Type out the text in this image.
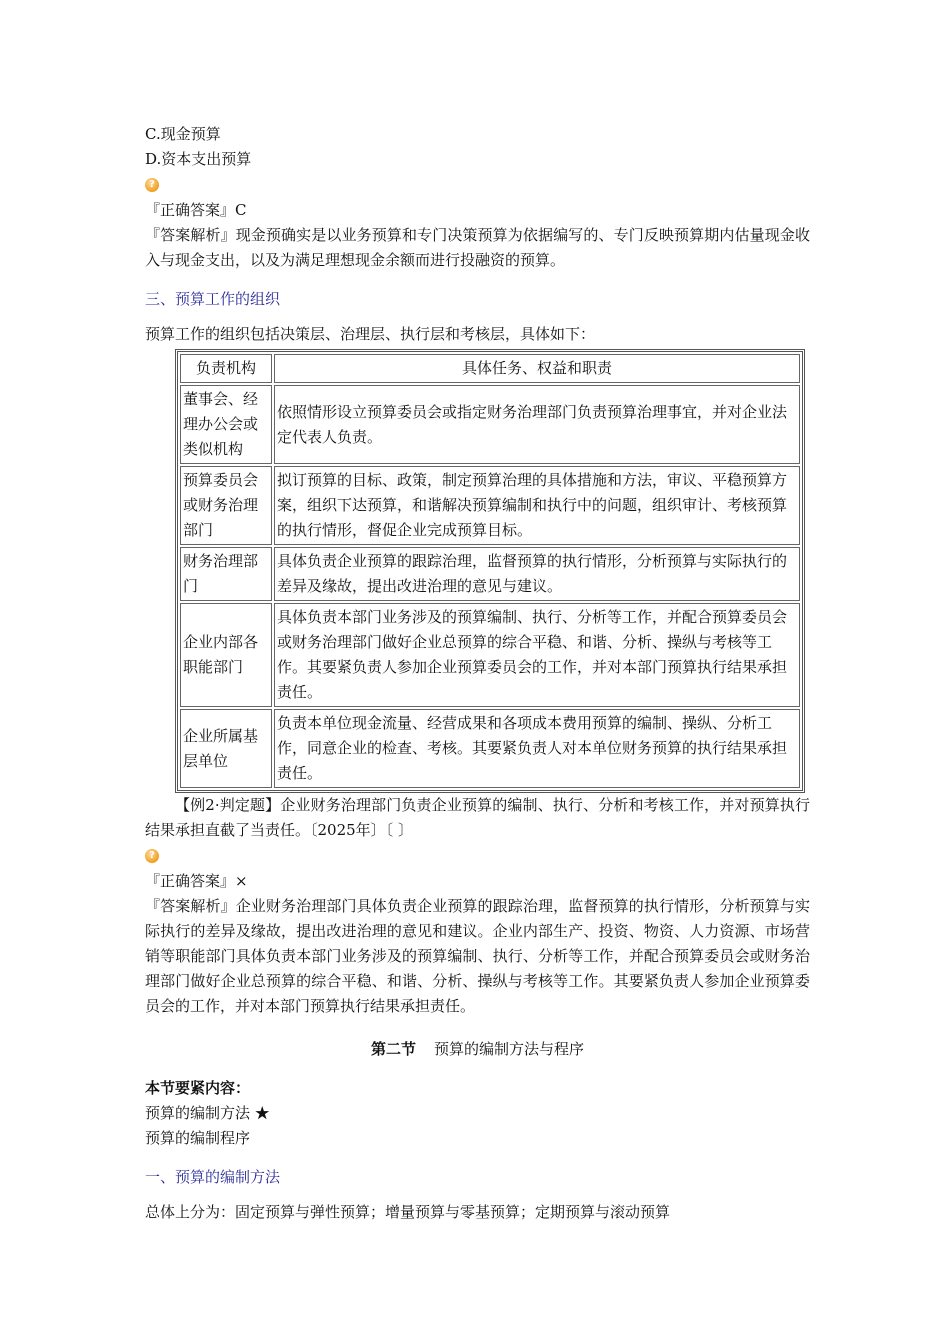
C.现金预算

D.资本支出预算

?

『正确答案』C

『答案解析』现金预确实是以业务预算和专门决策预算为依据编写的、专门反映预算期内估量现金收入与现金支出，以及为满足理想现金余额而进行投融资的预算。

三、预算工作的组织

预算工作的组织包括决策层、治理层、执行层和考核层，具体如下：

负责机构	具体任务、权益和职责
董事会、经理办公会或类似机构	依照情形设立预算委员会或指定财务治理部门负责预算治理事宜，并对企业法定代表人负责。
预算委员会或财务治理部门	拟订预算的目标、政策，制定预算治理的具体措施和方法，审议、平稳预算方案，组织下达预算，和谐解决预算编制和执行中的问题，组织审计、考核预算的执行情形，督促企业完成预算目标。
财务治理部门	具体负责企业预算的跟踪治理，监督预算的执行情形，分析预算与实际执行的差异及缘故，提出改进治理的意见与建议。
企业内部各职能部门	具体负责本部门业务涉及的预算编制、执行、分析等工作，并配合预算委员会或财务治理部门做好企业总预算的综合平稳、和谐、分析、操纵与考核等工作。其要紧负责人参加企业预算委员会的工作，并对本部门预算执行结果承担责任。
企业所属基层单位	负责本单位现金流量、经营成果和各项成本费用预算的编制、操纵、分析工作，同意企业的检查、考核。其要紧负责人对本单位财务预算的执行结果承担责任。

【例2·判定题】企业财务治理部门负责企业预算的编制、执行、分析和考核工作，并对预算执行结果承担直截了当责任。〔2025年〕〔 〕

?

『正确答案』×

『答案解析』企业财务治理部门具体负责企业预算的跟踪治理，监督预算的执行情形，分析预算与实际执行的差异及缘故，提出改进治理的意见和建议。企业内部生产、投资、物资、人力资源、市场营销等职能部门具体负责本部门业务涉及的预算编制、执行、分析等工作，并配合预算委员会或财务治理部门做好企业总预算的综合平稳、和谐、分析、操纵与考核等工作。其要紧负责人参加企业预算委员会的工作，并对本部门预算执行结果承担责任。

第二节 预算的编制方法与程序

本节要紧内容：

预算的编制方法 ★

预算的编制程序

一、预算的编制方法

总体上分为：固定预算与弹性预算；增量预算与零基预算；定期预算与滚动预算
